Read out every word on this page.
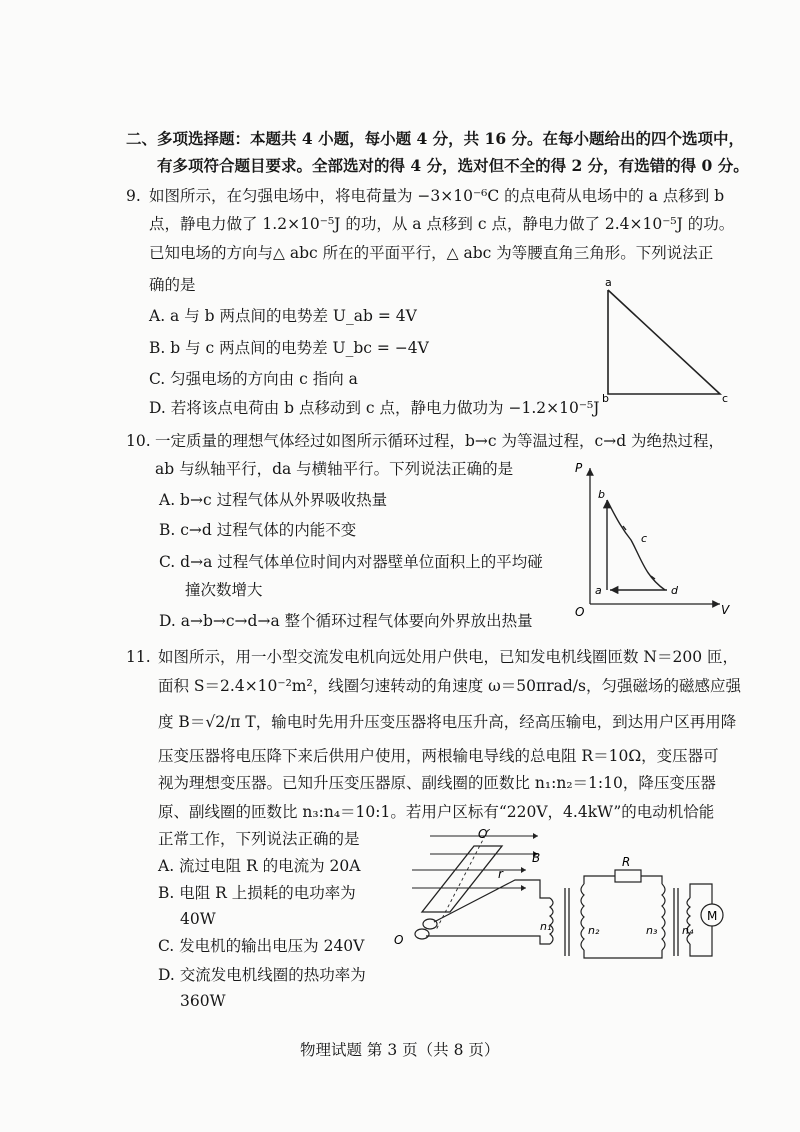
二、多项选择题：本题共 4 小题，每小题 4 分，共 16 分。在每小题给出的四个选项中，
有多项符合题目要求。全部选对的得 4 分，选对但不全的得 2 分，有选错的得 0 分。
9. 如图所示，在匀强电场中，将电荷量为 −3×10⁻⁶C 的点电荷从电场中的 a 点移到 b
点，静电力做了 1.2×10⁻⁵J 的功，从 a 点移到 c 点，静电力做了 2.4×10⁻⁵J 的功。
已知电场的方向与△ abc 所在的平面平行，△ abc 为等腰直角三角形。下列说法正
确的是
A. a 与 b 两点间的电势差 U_ab = 4V
B. b 与 c 两点间的电势差 U_bc = −4V
C. 匀强电场的方向由 c 指向 a
D. 若将该点电荷由 b 点移动到 c 点，静电力做功为 −1.2×10⁻⁵J
a
b	c
10. 一定质量的理想气体经过如图所示循环过程，b→c 为等温过程，c→d 为绝热过程，
ab 与纵轴平行，da 与横轴平行。下列说法正确的是
A. b→c 过程气体从外界吸收热量
B. c→d 过程气体的内能不变
C. d→a 过程气体单位时间内对器壁单位面积上的平均碰
撞次数增大
D. a→b→c→d→a 整个循环过程气体要向外界放出热量
P
V
O
a
b
c
d
11. 如图所示，用一小型交流发电机向远处用户供电，已知发电机线圈匝数 N＝200 匝，
面积 S＝2.4×10⁻²m²，线圈匀速转动的角速度 ω＝50πrad/s，匀强磁场的磁感应强
度 B＝√2/π T，输电时先用升压变压器将电压升高，经高压输电，到达用户区再用降
压变压器将电压降下来后供用户使用，两根输电导线的总电阻 R＝10Ω，变压器可
视为理想变压器。已知升压变压器原、副线圈的匝数比 n₁:n₂＝1:10，降压变压器
原、副线圈的匝数比 n₃:n₄＝10:1。若用户区标有“220V，4.4kW”的电动机恰能
正常工作，下列说法正确的是
A. 流过电阻 R 的电流为 20A
B. 电阻 R 上损耗的电功率为
40W
C. 发电机的输出电压为 240V
D. 交流发电机线圈的热功率为
360W
B
O′
r
O
n₁	n₂
R
n₃ n₄
M
物理试题 第 3 页（共 8 页）
